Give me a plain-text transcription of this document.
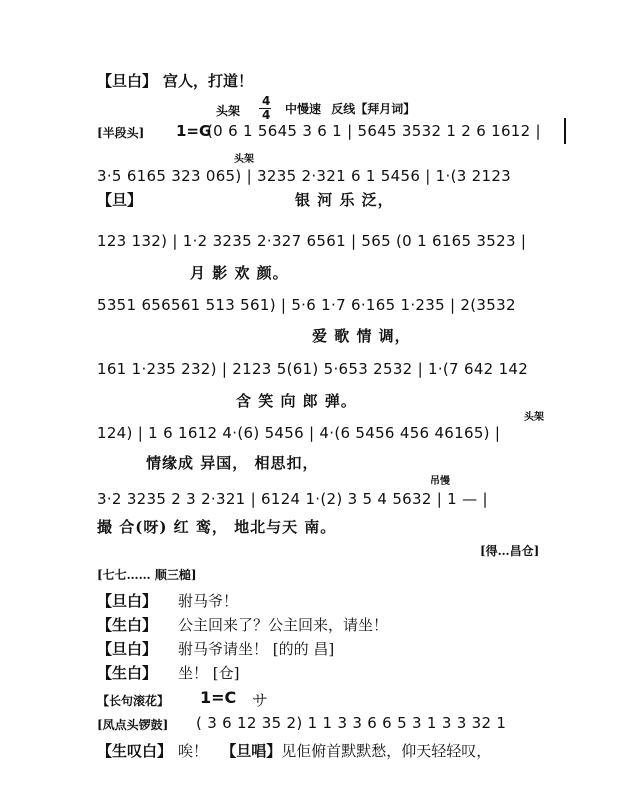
【旦白】 宫人，打道！
头架
4
4 中慢速 反线【拜月词】
[半段头] 1=G
(0 6 1 5645 3 6 1 | 5645 3532 1 2 6 1612 |
头架
3·5 6165 323 065) | 3235 2·321 6 1 5456 | 1·(3 2123
【旦】	银 河 乐 泛，
123 132) | 1·2 3235 2·327 6561 | 565 (0 1 6165 3523 |
月 影 欢 颜。
5351 656561 513 561) | 5·6 1·7 6·165 1·235 | 2(3532
爱 歌 情 调，
161 1·235 232) | 2123 5(61) 5·653 2532 | 1·(7 642 142
含 笑 向 郎 弹。
头架
124) | 1 6 1612 4·(6) 5456 | 4·(6 5456 456 46165) |
情缘成 异国， 相思扣，
吊慢
3·2 3235 2 3 2·321 | 6124 1·(2) 3 5 4 5632 | 1 — |
撮 合(呀) 红 鸾， 地北与天 南。
[得…昌仓]
[七七…… 顺三槌]
【旦白】 驸马爷！
【生白】 公主回来了？公主回来，请坐！
【旦白】 驸马爷请坐！ [的的 昌]
【生白】 坐！ [仓]
【长句滚花】 1=C サ
[凤点头锣鼓] ( 3 6 12 35 2) 1 1 3 3 6 6 5 3 1 3 3 32 1
【生叹白】 唉！ 【旦唱】见佢俯首默默愁，仰天轻轻叹，
